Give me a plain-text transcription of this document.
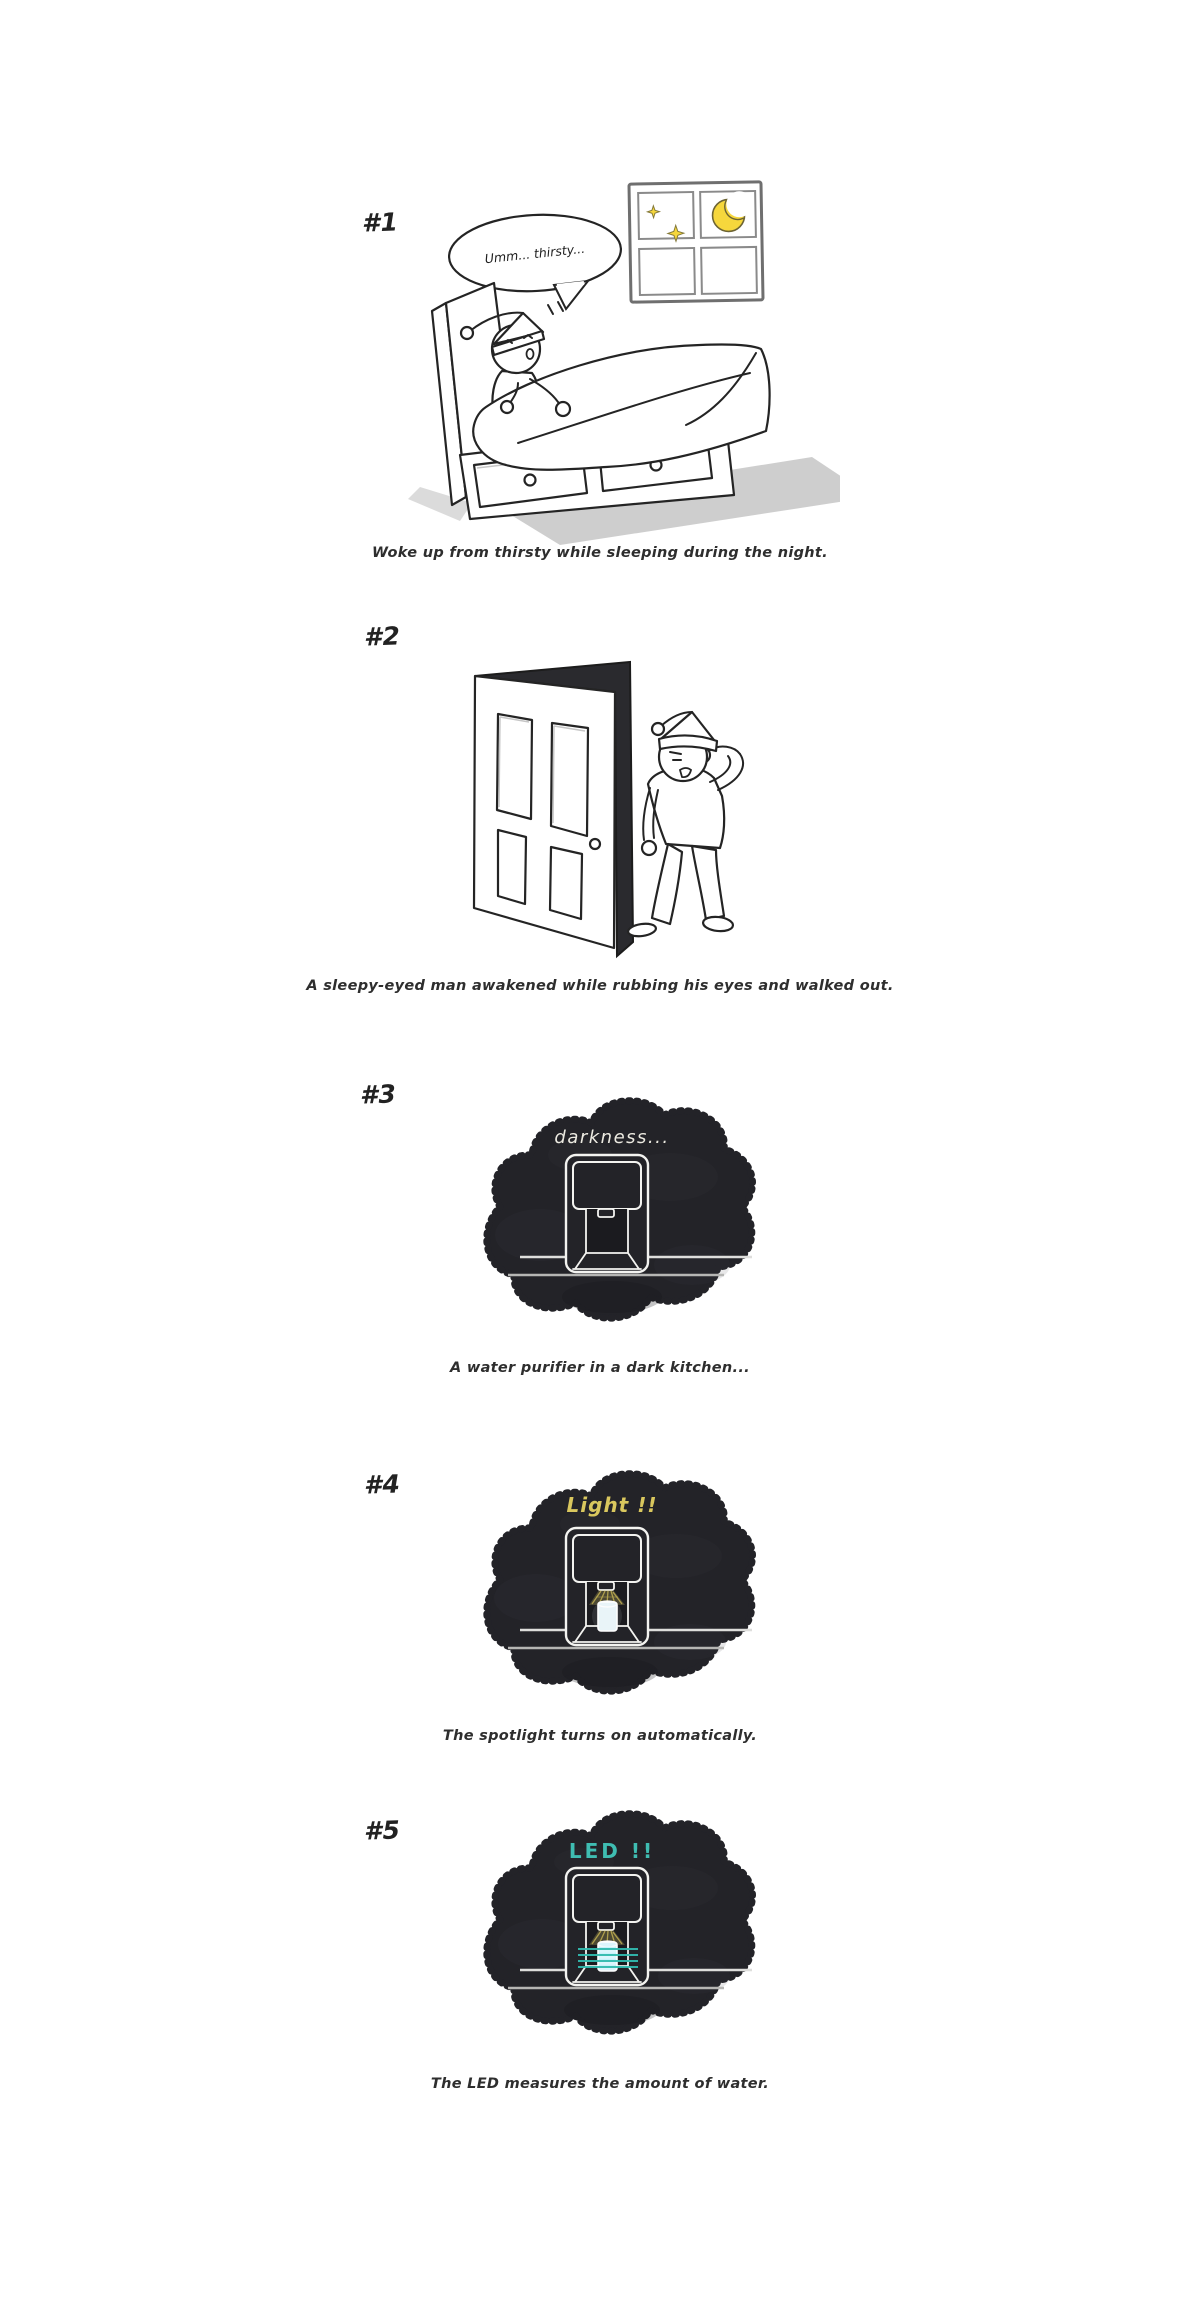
#1
Umm... thirsty...
Woke up from thirsty while sleeping during the night.
#2
A sleepy-eyed man awakened while rubbing his eyes and walked out.
#3
darkness...
A water purifier in a dark kitchen...
#4
Light !!
The spotlight turns on automatically.
#5
LED !!
The LED measures the amount of water.
